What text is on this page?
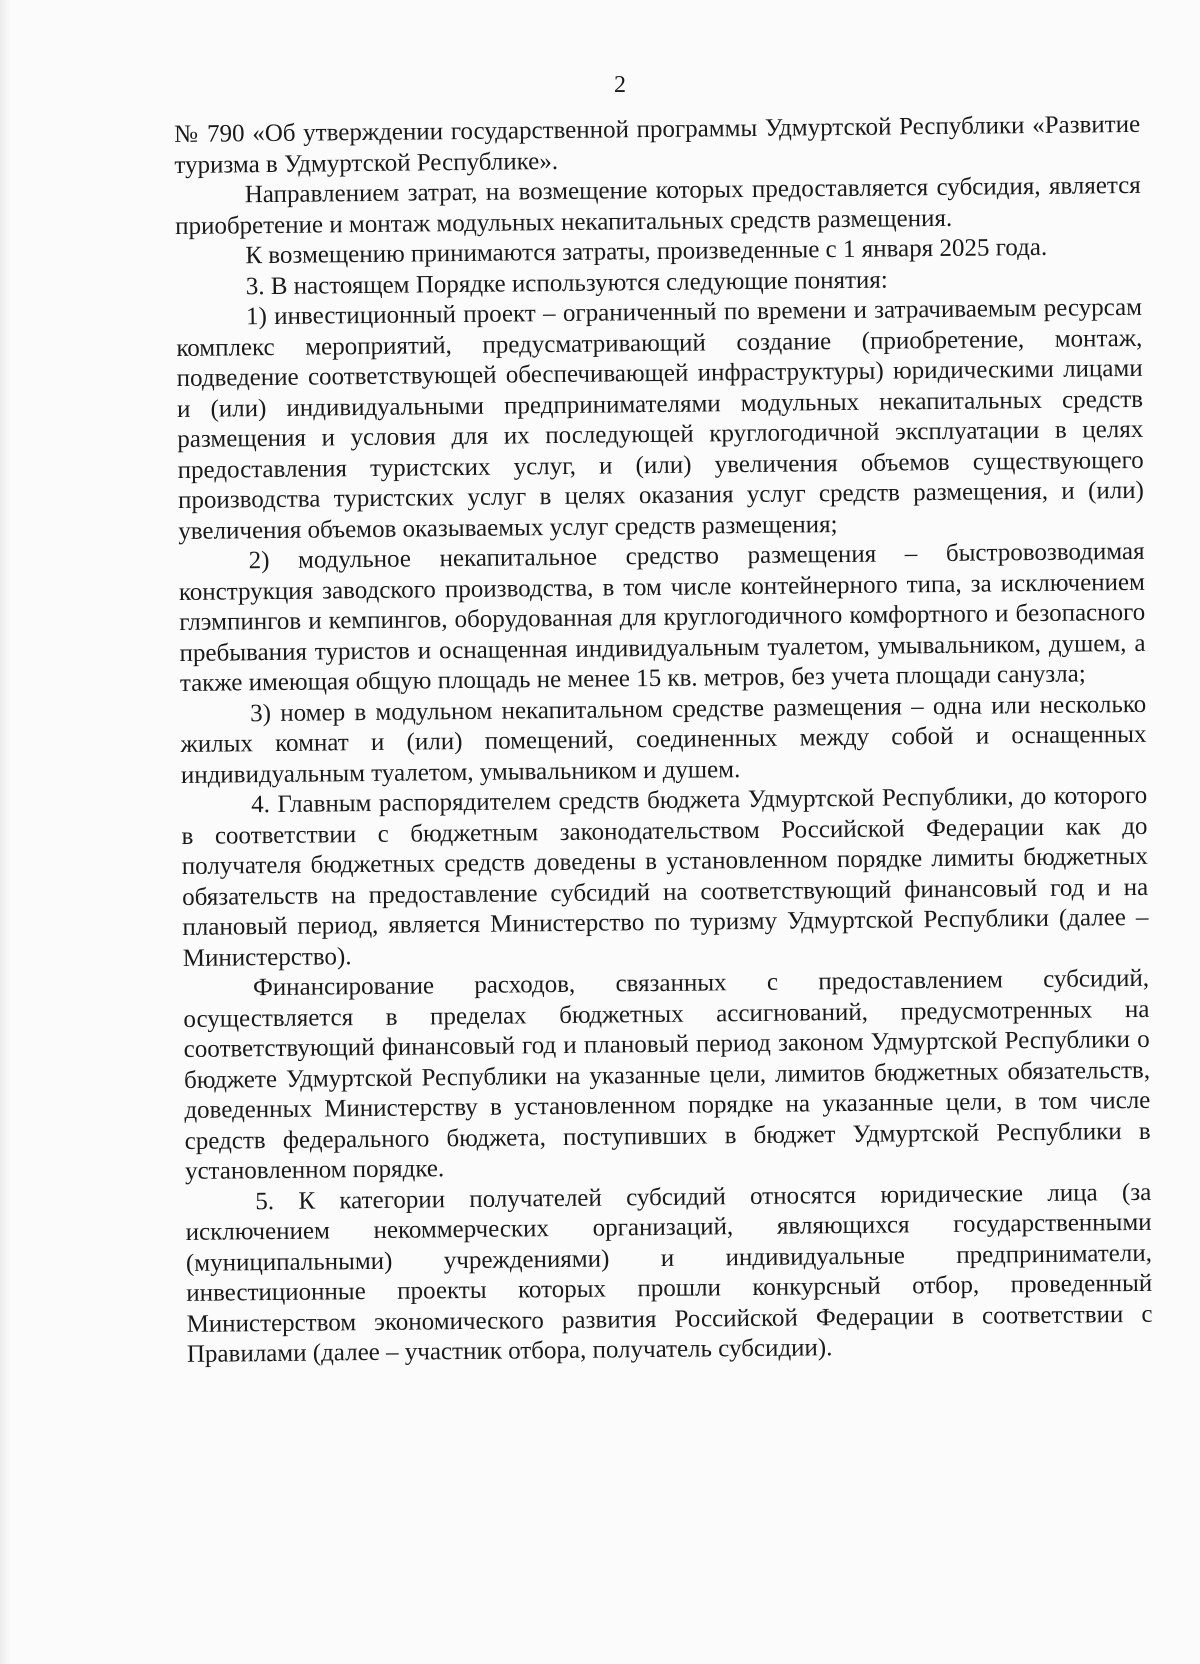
2

№ 790 «Об утверждении государственной программы Удмуртской Республики «Развитие туризма в Удмуртской Республике».

Направлением затрат, на возмещение которых предоставляется субсидия, является приобретение и монтаж модульных некапитальных средств размещения.

К возмещению принимаются затраты, произведенные с 1 января 2025 года.

3. В настоящем Порядке используются следующие понятия:

1) инвестиционный проект – ограниченный по времени и затрачиваемым ресурсам комплекс мероприятий, предусматривающий создание (приобретение, монтаж, подведение соответствующей обеспечивающей инфраструктуры) юридическими лицами и (или) индивидуальными предпринимателями модульных некапитальных средств размещения и условия для их последующей круглогодичной эксплуатации в целях предоставления туристских услуг, и (или) увеличения объемов существующего производства туристских услуг в целях оказания услуг средств размещения, и (или) увеличения объемов оказываемых услуг средств размещения;

2) модульное некапитальное средство размещения – быстровозводимая конструкция заводского производства, в том числе контейнерного типа, за исключением глэмпингов и кемпингов, оборудованная для круглогодичного комфортного и безопасного пребывания туристов и оснащенная индивидуальным туалетом, умывальником, душем, а также имеющая общую площадь не менее 15 кв. метров, без учета площади санузла;

3) номер в модульном некапитальном средстве размещения – одна или несколько жилых комнат и (или) помещений, соединенных между собой и оснащенных индивидуальным туалетом, умывальником и душем.

4. Главным распорядителем средств бюджета Удмуртской Республики, до которого в соответствии с бюджетным законодательством Российской Федерации как до получателя бюджетных средств доведены в установленном порядке лимиты бюджетных обязательств на предоставление субсидий на соответствующий финансовый год и на плановый период, является Министерство по туризму Удмуртской Республики (далее – Министерство).

Финансирование расходов, связанных с предоставлением субсидий, осуществляется в пределах бюджетных ассигнований, предусмотренных на соответствующий финансовый год и плановый период законом Удмуртской Республики о бюджете Удмуртской Республики на указанные цели, лимитов бюджетных обязательств, доведенных Министерству в установленном порядке на указанные цели, в том числе средств федерального бюджета, поступивших в бюджет Удмуртской Республики в установленном порядке.

5. К категории получателей субсидий относятся юридические лица (за исключением некоммерческих организаций, являющихся государственными (муниципальными) учреждениями) и индивидуальные предприниматели, инвестиционные проекты которых прошли конкурсный отбор, проведенный Министерством экономического развития Российской Федерации в соответствии с Правилами (далее – участник отбора, получатель субсидии).
